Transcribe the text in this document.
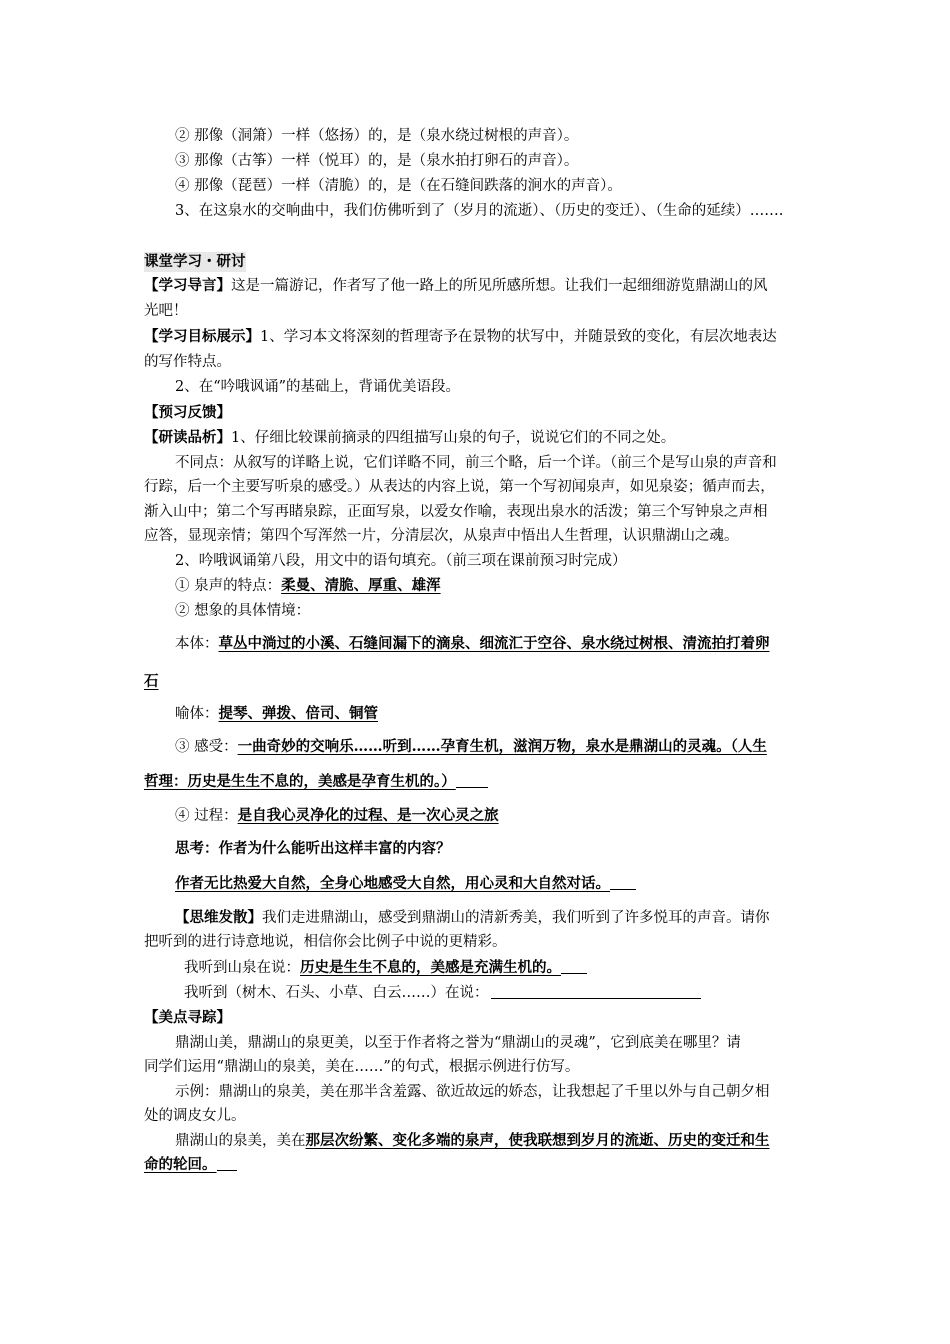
② 那像（洞箫）一样（悠扬）的，是（泉水绕过树根的声音）。
③ 那像（古筝）一样（悦耳）的，是（泉水拍打卵石的声音）。
④ 那像（琵琶）一样（清脆）的，是（在石缝间跌落的涧水的声音）。
3、在这泉水的交响曲中，我们仿佛听到了（岁月的流逝）、（历史的变迁）、（生命的延续）…….
课堂学习・研讨
【学习导言】这是一篇游记，作者写了他一路上的所见所感所想。让我们一起细细游览鼎湖山的风
光吧！
【学习目标展示】1、学习本文将深刻的哲理寄予在景物的状写中，并随景致的变化，有层次地表达
的写作特点。
2、在“吟哦讽诵”的基础上，背诵优美语段。
【预习反馈】
【研读品析】1、仔细比较课前摘录的四组描写山泉的句子，说说它们的不同之处。
不同点：从叙写的详略上说，它们详略不同，前三个略，后一个详。（前三个是写山泉的声音和
行踪，后一个主要写听泉的感受。）从表达的内容上说，第一个写初闻泉声，如见泉姿；循声而去，
渐入山中；第二个写再睹泉踪，正面写泉，以爱女作喻，表现出泉水的活泼；第三个写钟泉之声相
应答，显现亲情；第四个写浑然一片，分清层次，从泉声中悟出人生哲理，认识鼎湖山之魂。
2、吟哦讽诵第八段，用文中的语句填充。（前三项在课前预习时完成）
① 泉声的特点：柔曼、清脆、厚重、雄浑
② 想象的具体情境：
本体：草丛中淌过的小溪、石缝间漏下的滴泉、细流汇于空谷、泉水绕过树根、清流拍打着卵
石
喻体：提琴、弹拨、倍司、铜管
③ 感受：一曲奇妙的交响乐……听到……孕育生机，滋润万物，泉水是鼎湖山的灵魂。（人生
哲理：历史是生生不息的，美感是孕育生机的。）
④ 过程：是自我心灵净化的过程、是一次心灵之旅
思考：作者为什么能听出这样丰富的内容？
作者无比热爱大自然，全身心地感受大自然，用心灵和大自然对话。
【思维发散】我们走进鼎湖山，感受到鼎湖山的清新秀美，我们听到了许多悦耳的声音。请你
把听到的进行诗意地说，相信你会比例子中说的更精彩。
我听到山泉在说：历史是生生不息的，美感是充满生机的。
我听到（树木、石头、小草、白云……）在说：
【美点寻踪】
鼎湖山美，鼎湖山的泉更美，以至于作者将之誉为“鼎湖山的灵魂”，它到底美在哪里？请
同学们运用“鼎湖山的泉美，美在……”的句式，根据示例进行仿写。
示例：鼎湖山的泉美，美在那半含羞露、欲近故远的娇态，让我想起了千里以外与自己朝夕相
处的调皮女儿。
鼎湖山的泉美，美在那层次纷繁、变化多端的泉声，使我联想到岁月的流逝、历史的变迁和生
命的轮回。
